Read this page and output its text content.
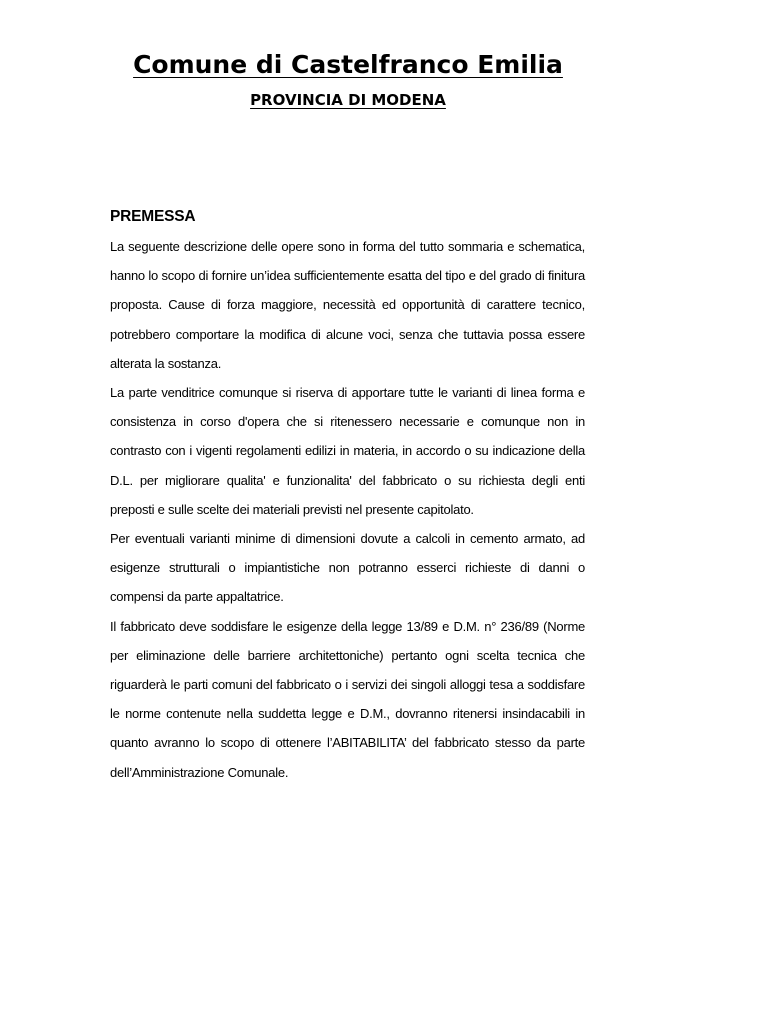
Comune di Castelfranco Emilia
PROVINCIA DI MODENA
PREMESSA

La seguente descrizione delle opere sono in forma del tutto sommaria e schematica, hanno lo scopo di fornire un’idea sufficientemente esatta del tipo e del grado di finitura proposta. Cause di forza maggiore, necessità ed opportunità di carattere tecnico, potrebbero comportare la modifica di alcune voci, senza che tuttavia possa essere alterata la sostanza.

La parte venditrice comunque si riserva di apportare tutte le varianti di linea forma e consistenza in corso d'opera che si ritenessero necessarie e comunque non in contrasto con i vigenti regolamenti edilizi in materia, in accordo o su indicazione della D.L. per migliorare qualita' e funzionalita' del fabbricato o su richiesta degli enti preposti e sulle scelte dei materiali previsti nel presente capitolato.

Per eventuali varianti minime di dimensioni dovute a calcoli in cemento armato, ad esigenze strutturali o impiantistiche non potranno esserci richieste di danni o compensi da parte appaltatrice.

Il fabbricato deve soddisfare le esigenze della legge 13/89 e D.M. n° 236/89 (Norme per eliminazione delle barriere architettoniche) pertanto ogni scelta tecnica che riguarderà le parti comuni del fabbricato o i servizi dei singoli alloggi tesa a soddisfare le norme contenute nella suddetta legge e D.M., dovranno ritenersi insindacabili in quanto avranno lo scopo di ottenere l’ABITABILITA’ del fabbricato stesso da parte dell’Amministrazione Comunale.
